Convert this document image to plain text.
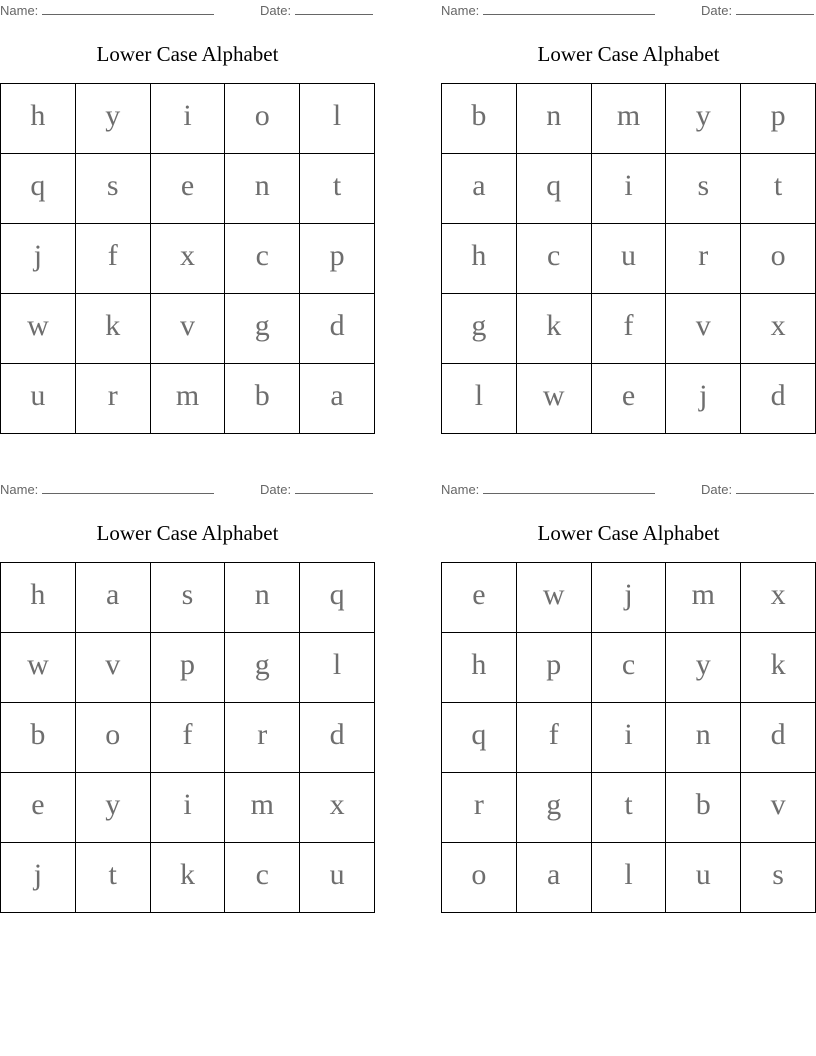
Name:	Date:
Lower Case Alphabet
h	y	i	o	l
q	s	e	n	t
j	f	x	c	p
w	k	v	g	d
u	r	m	b	a
Name:	Date:
Lower Case Alphabet
b	n	m	y	p
a	q	i	s	t
h	c	u	r	o
g	k	f	v	x
l	w	e	j	d
Name:	Date:
Lower Case Alphabet
h	a	s	n	q
w	v	p	g	l
b	o	f	r	d
e	y	i	m	x
j	t	k	c	u
Name:	Date:
Lower Case Alphabet
e	w	j	m	x
h	p	c	y	k
q	f	i	n	d
r	g	t	b	v
o	a	l	u	s
